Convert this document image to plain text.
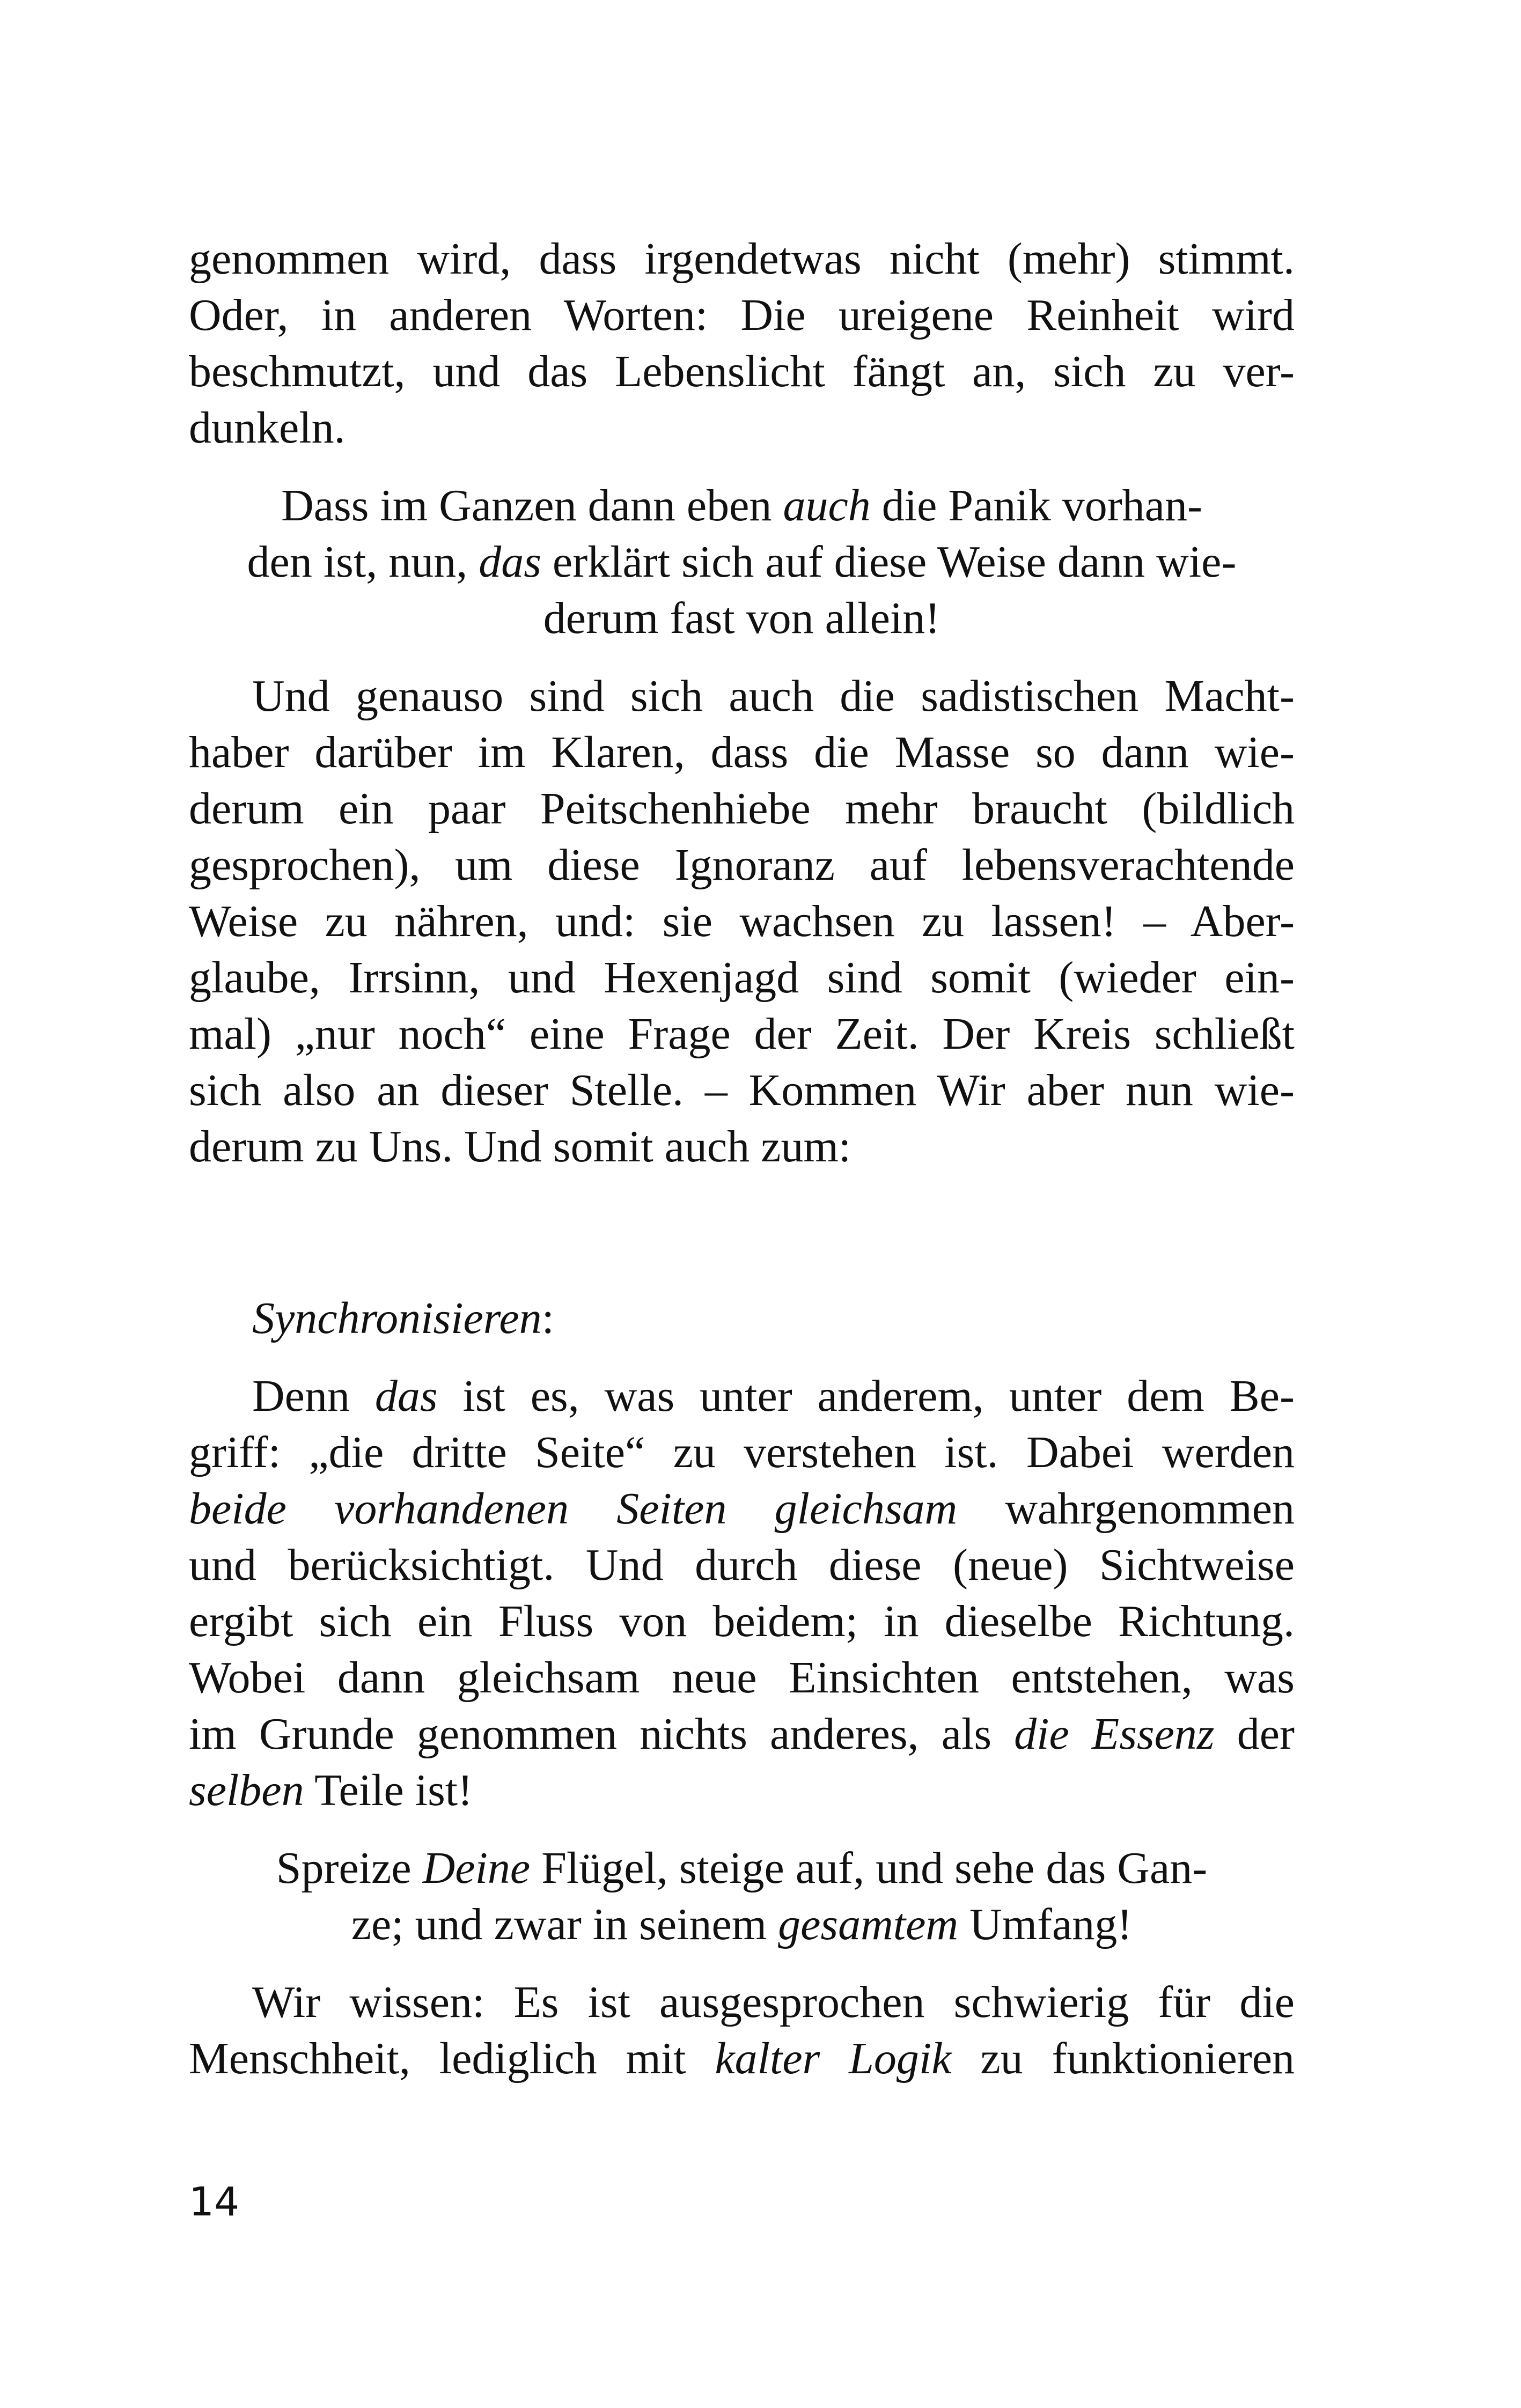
genommen wird, dass irgendetwas nicht (mehr) stimmt.
Oder, in anderen Worten: Die ureigene Reinheit wird
beschmutzt, und das Lebenslicht fängt an, sich zu ver-
dunkeln.
Dass im Ganzen dann eben auch die Panik vorhan-
den ist, nun, das erklärt sich auf diese Weise dann wie-
derum fast von allein!
Und genauso sind sich auch die sadistischen Macht-
haber darüber im Klaren, dass die Masse so dann wie-
derum ein paar Peitschenhiebe mehr braucht (bildlich
gesprochen), um diese Ignoranz auf lebensverachtende
Weise zu nähren, und: sie wachsen zu lassen! – Aber-
glaube, Irrsinn, und Hexenjagd sind somit (wieder ein-
mal) „nur noch“ eine Frage der Zeit. Der Kreis schließt
sich also an dieser Stelle. – Kommen Wir aber nun wie-
derum zu Uns. Und somit auch zum:
Synchronisieren:
Denn das ist es, was unter anderem, unter dem Be-
griff: „die dritte Seite“ zu verstehen ist. Dabei werden
beide vorhandenen Seiten gleichsam wahrgenommen
und berücksichtigt. Und durch diese (neue) Sichtweise
ergibt sich ein Fluss von beidem; in dieselbe Richtung.
Wobei dann gleichsam neue Einsichten entstehen, was
im Grunde genommen nichts anderes, als die Essenz der
selben Teile ist!
Spreize Deine Flügel, steige auf, und sehe das Gan-
ze; und zwar in seinem gesamtem Umfang!
Wir wissen: Es ist ausgesprochen schwierig für die
Menschheit, lediglich mit kalter Logik zu funktionieren
14
